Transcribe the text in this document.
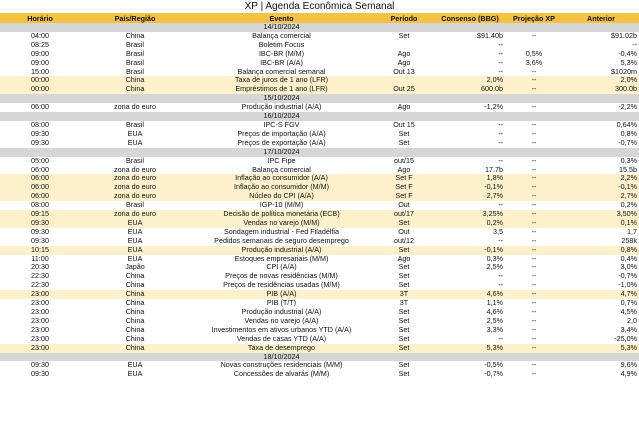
XP | Agenda Econômica Semanal
Horário	País/Região	Evento	Período	Consenso (BBG)	Projeção XP	Anterior
		14/10/2024				
04:00	China	Balança comercial	Set	$91.40b	--	$91.02b
08:25	Brasil	Boletim Focus		--		--
09:00	Brasil	IBC-BR (M/M)	Ago	--	0,5%	-0,4%
09:00	Brasil	IBC-BR (A/A)	Ago	--	3,6%	5,3%
15:00	Brasil	Balança comercial semanal	Out 13	--	--	$1020m
00:00	China	Taxa de juros de 1 ano (LFR)		2,0%	--	2,0%
00:00	China	Empréstimos de 1 ano (LFR)	Out 25	600.0b	--	300.0b
		15/10/2024				
06:00	zona do euro	Produção industrial (A/A)	Ago	-1,2%	--	-2,2%
		16/10/2024				
08:00	Brasil	IPC-S FGV	Out 15	--	--	0,64%
09:30	EUA	Preços de importação (A/A)	Set	--	--	0,8%
09:30	EUA	Preços de exportação (A/A)	Set	--	--	-0,7%
		17/10/2024				
05:00	Brasil	IPC Fipe	out/15	--	--	0,3%
06:00	zona do euro	Balança comercial	Ago	17.7b	--	15.5b
06:00	zona do euro	Inflação ao consumidor (A/A)	Set F	1,8%	--	2,2%
06:00	zona do euro	Inflação ao consumidor (M/M)	Set F	-0,1%	--	-0,1%
06:00	zona do euro	Núcleo do CPI (A/A)	Set F	2,7%	--	2,7%
08:00	Brasil	IGP-10 (M/M)	Out	--	--	0,2%
09:15	zona do euro	Decisão de política monetária (ECB)	out/17	3,25%	--	3,50%
09:30	EUA	Vendas no varejo (M/M)	Set	0,2%	--	0,1%
09:30	EUA	Sondagem industrial - Fed Filadélfia	Out	3,5	--	1,7
09:30	EUA	Pedidos semanais de seguro desemprego	out/12	--	--	258k
10:15	EUA	Produção industrial (A/A)	Set	-0,1%	--	0,8%
11:00	EUA	Estoques empresariais (M/M)	Ago	0,3%	--	0,4%
20:30	Japão	CPI (A/A)	Set	2,5%	--	3,0%
22:30	China	Preços de novas residências (M/M)	Set	--	--	-0,7%
22:30	China	Preços de residências usadas (M/M)	Set	--	--	-1,0%
23:00	China	PIB (A/A)	3T	4,6%	--	4,7%
23:00	China	PIB (T/T)	3T	1,1%	--	0,7%
23:00	China	Produção industrial (A/A)	Set	4,6%	--	4,5%
23:00	China	Vendas no varejo (A/A)	Set	2,5%	--	2,0
23:00	China	Investimentos em ativos urbanos YTD (A/A)	Set	3,3%	--	3,4%
23:00	China	Vendas de casas YTD (A/A)	Set	--	--	-25,0%
23:00	China	Taxa de desemprego	Set	5,3%	--	5,3%
		18/10/2024				
09:30	EUA	Novas construções residenciais (M/M)	Set	-0,5%	--	9,6%
09:30	EUA	Concessões de alvarás (M/M)	Set	-0,7%	--	4,9%
